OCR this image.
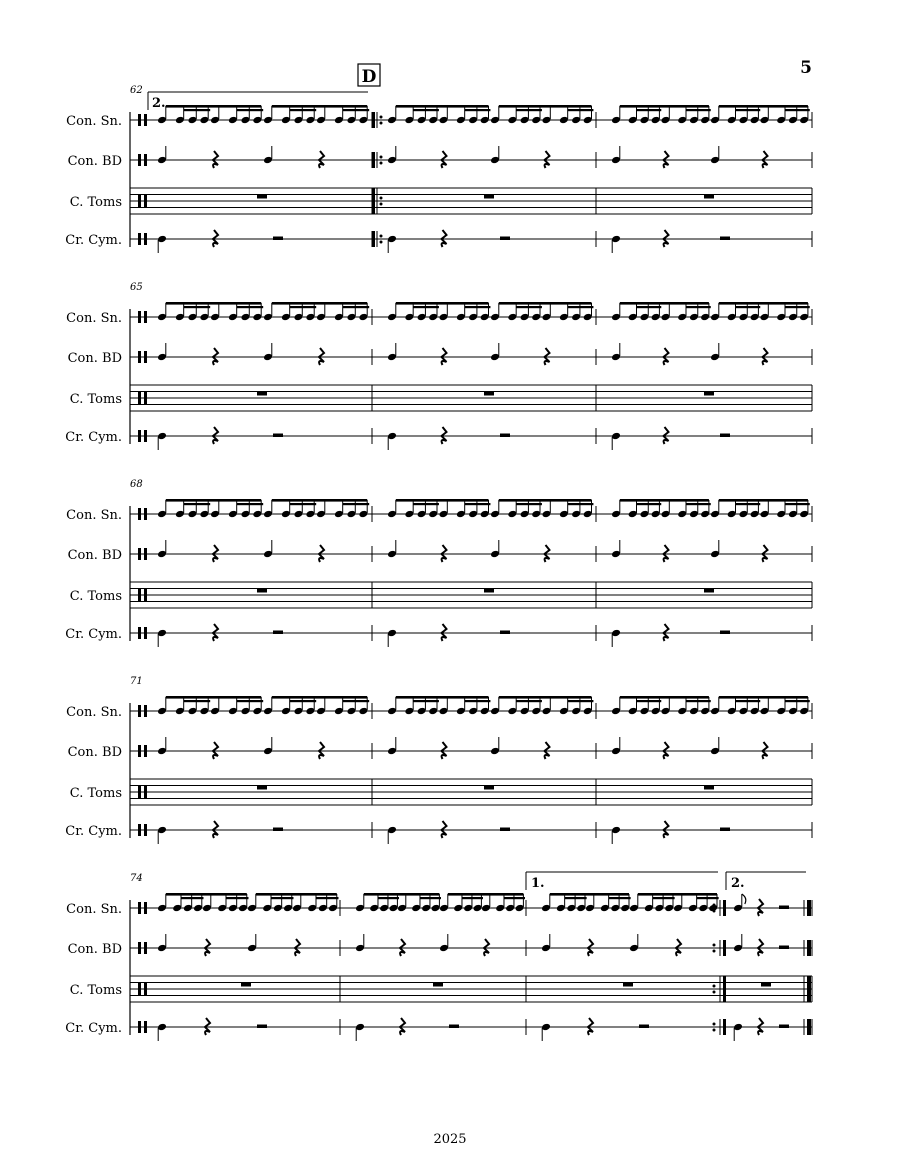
5
2025
62
Con. Sn.
Con. BD
C. Toms
Cr. Cym.
2.
D
65
Con. Sn.
Con. BD
C. Toms
Cr. Cym.
68
Con. Sn.
Con. BD
C. Toms
Cr. Cym.
71
Con. Sn.
Con. BD
C. Toms
Cr. Cym.
74
Con. Sn.
Con. BD
C. Toms
Cr. Cym.
1.	2.
